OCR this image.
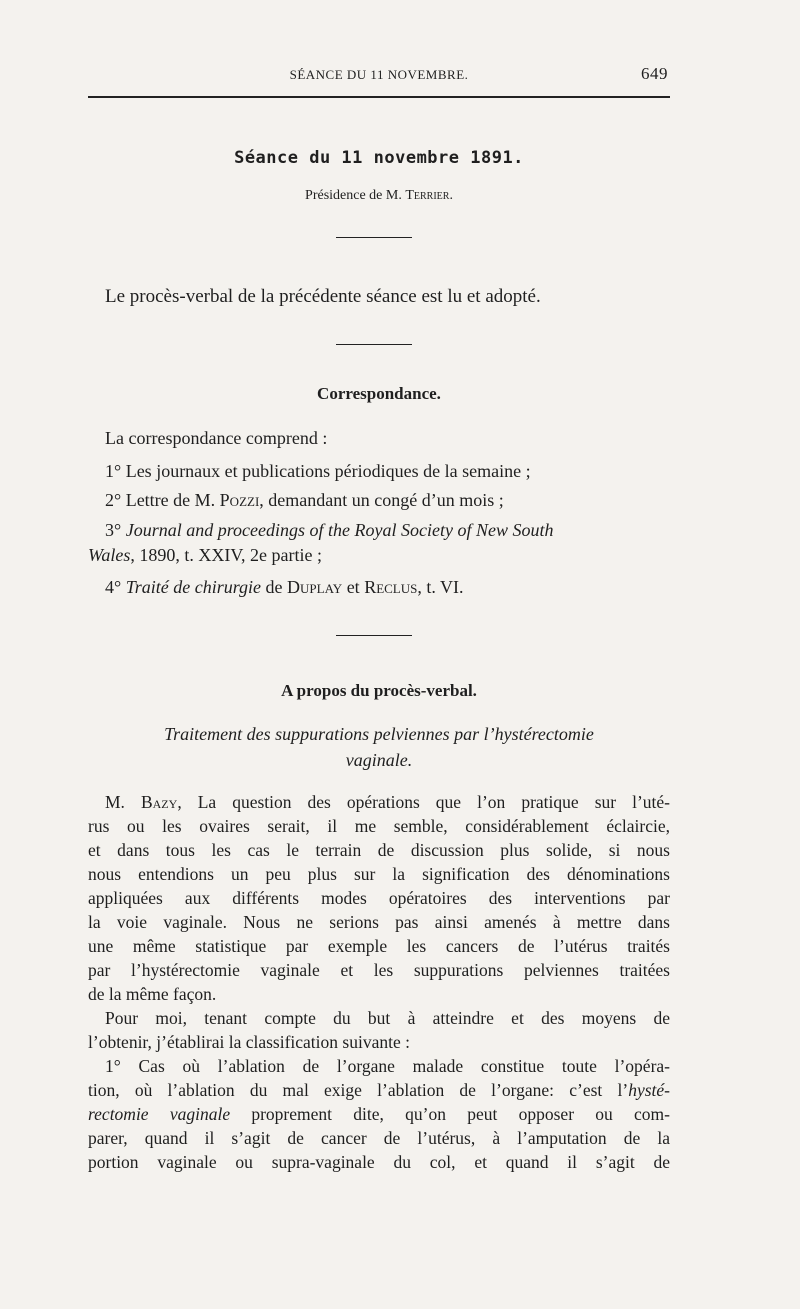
SÉANCE DU 11 NOVEMBRE.	649
Séance du 11 novembre 1891.
Présidence de M. Terrier.
Le procès-verbal de la précédente séance est lu et adopté.
Correspondance.
La correspondance comprend :
1° Les journaux et publications périodiques de la semaine ;
2° Lettre de M. Pozzi, demandant un congé d’un mois ;
3° Journal and proceedings of the Royal Society of New South
Wales, 1890, t. XXIV, 2e partie ;
4° Traité de chirurgie de Duplay et Reclus, t. VI.
A propos du procès-verbal.
Traitement des suppurations pelviennes par l’hystérectomie
vaginale.
M. Bazy, La question des opérations que l’on pratique sur l’uté-
rus ou les ovaires serait, il me semble, considérablement éclaircie,
et dans tous les cas le terrain de discussion plus solide, si nous
nous entendions un peu plus sur la signification des dénominations
appliquées aux différents modes opératoires des interventions par
la voie vaginale. Nous ne serions pas ainsi amenés à mettre dans
une même statistique par exemple les cancers de l’utérus traités
par l’hystérectomie vaginale et les suppurations pelviennes traitées
de la même façon.
Pour moi, tenant compte du but à atteindre et des moyens de
l’obtenir, j’établirai la classification suivante :
1° Cas où l’ablation de l’organe malade constitue toute l’opéra-
tion, où l’ablation du mal exige l’ablation de l’organe: c’est l’hysté-
rectomie vaginale proprement dite, qu’on peut opposer ou com-
parer, quand il s’agit de cancer de l’utérus, à l’amputation de la
portion vaginale ou supra-vaginale du col, et quand il s’agit de
